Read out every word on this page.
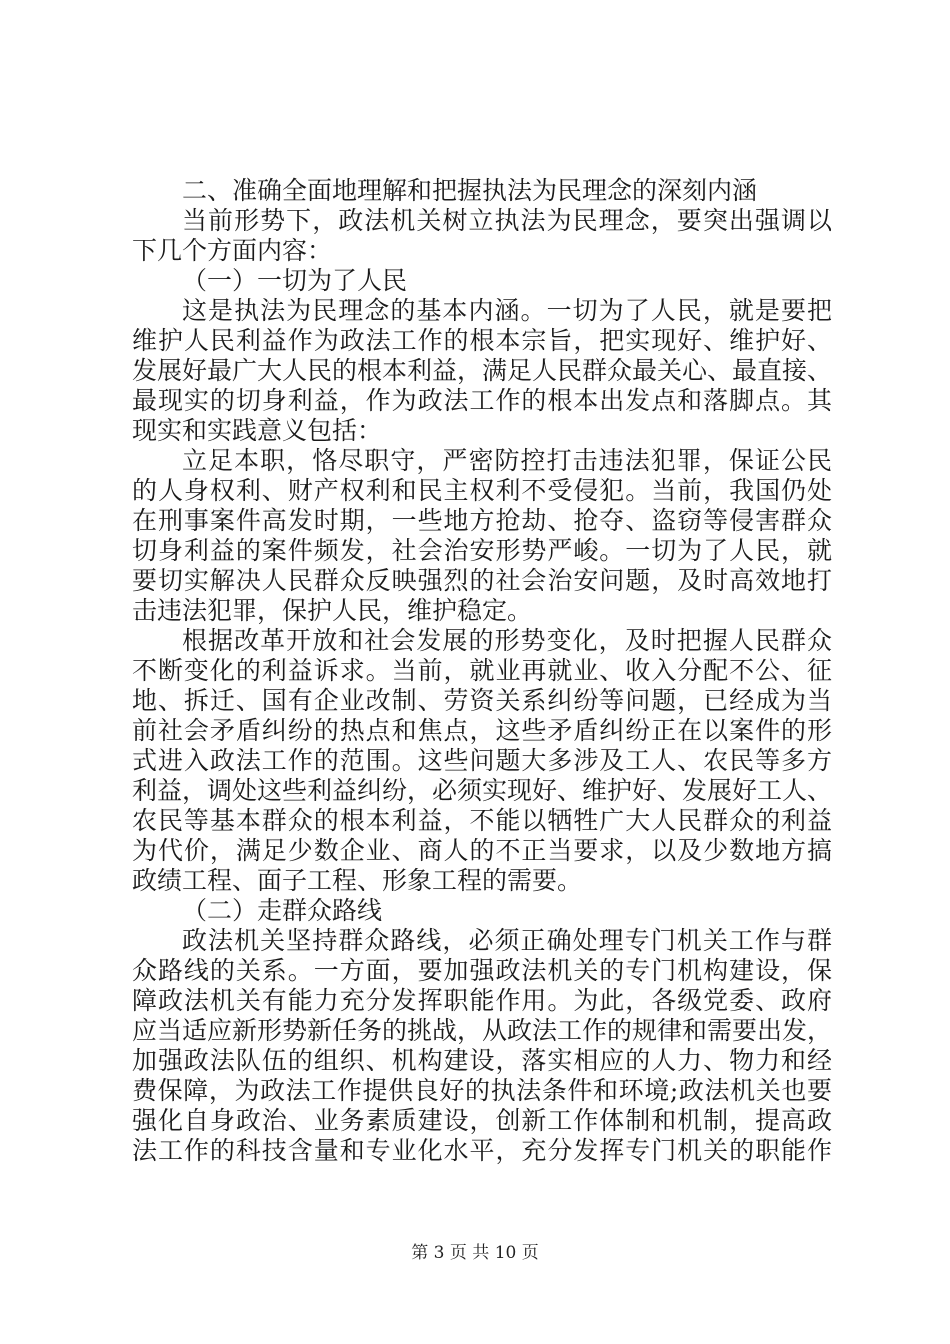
二、准确全面地理解和把握执法为民理念的深刻内涵
当前形势下，政法机关树立执法为民理念，要突出强调以
下几个方面内容：
（一）一切为了人民
这是执法为民理念的基本内涵。一切为了人民，就是要把
维护人民利益作为政法工作的根本宗旨，把实现好、维护好、
发展好最广大人民的根本利益，满足人民群众最关心、最直接、
最现实的切身利益，作为政法工作的根本出发点和落脚点。其
现实和实践意义包括：
立足本职，恪尽职守，严密防控打击违法犯罪，保证公民
的人身权利、财产权利和民主权利不受侵犯。当前，我国仍处
在刑事案件高发时期，一些地方抢劫、抢夺、盗窃等侵害群众
切身利益的案件频发，社会治安形势严峻。一切为了人民，就
要切实解决人民群众反映强烈的社会治安问题，及时高效地打
击违法犯罪，保护人民，维护稳定。
根据改革开放和社会发展的形势变化，及时把握人民群众
不断变化的利益诉求。当前，就业再就业、收入分配不公、征
地、拆迁、国有企业改制、劳资关系纠纷等问题，已经成为当
前社会矛盾纠纷的热点和焦点，这些矛盾纠纷正在以案件的形
式进入政法工作的范围。这些问题大多涉及工人、农民等多方
利益，调处这些利益纠纷，必须实现好、维护好、发展好工人、
农民等基本群众的根本利益，不能以牺牲广大人民群众的利益
为代价，满足少数企业、商人的不正当要求，以及少数地方搞
政绩工程、面子工程、形象工程的需要。
（二）走群众路线
政法机关坚持群众路线，必须正确处理专门机关工作与群
众路线的关系。一方面，要加强政法机关的专门机构建设，保
障政法机关有能力充分发挥职能作用。为此，各级党委、政府
应当适应新形势新任务的挑战，从政法工作的规律和需要出发，
加强政法队伍的组织、机构建设，落实相应的人力、物力和经
费保障，为政法工作提供良好的执法条件和环境;政法机关也要
强化自身政治、业务素质建设，创新工作体制和机制，提高政
法工作的科技含量和专业化水平，充分发挥专门机关的职能作
第 3 页 共 10 页
